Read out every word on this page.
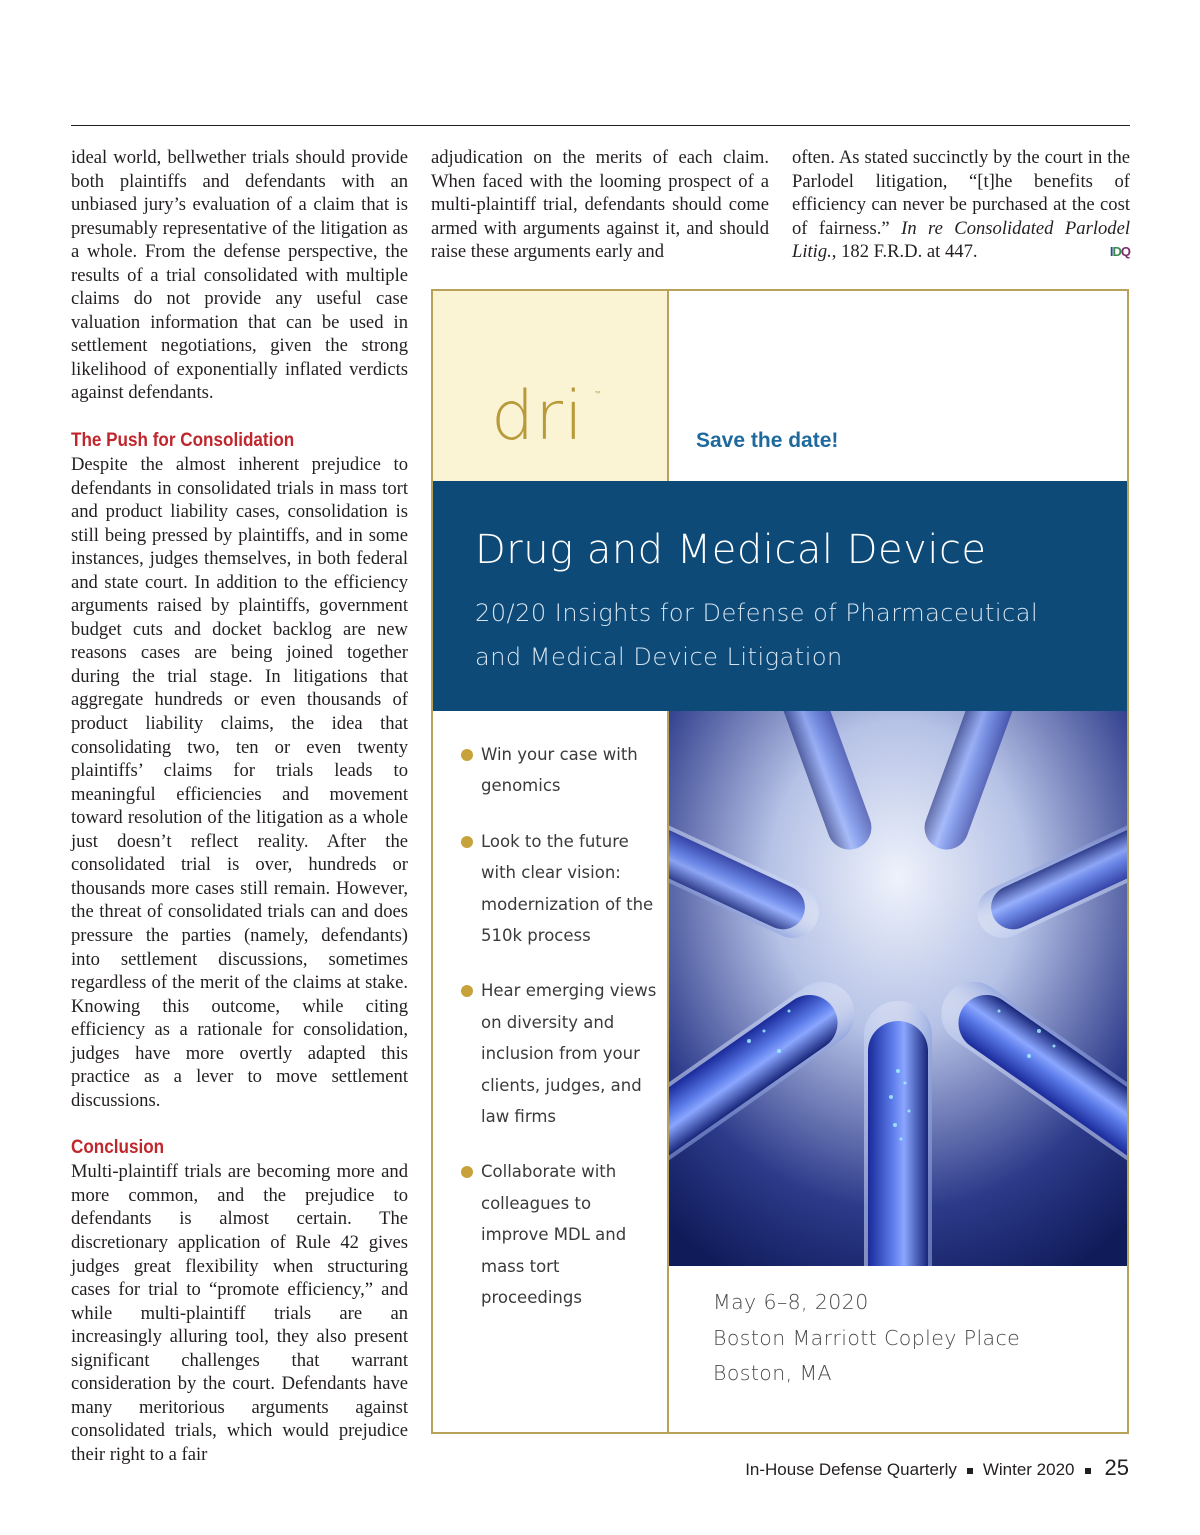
ideal world, bellwether trials should provide both plaintiffs and defendants with an unbiased jury’s evaluation of a claim that is presumably representative of the litigation as a whole. From the defense perspective, the results of a trial consolidated with multiple claims do not provide any useful case valuation information that can be used in settlement negotiations, given the strong likelihood of exponentially inflated verdicts against defendants.

The Push for Consolidation

Despite the almost inherent prejudice to defendants in consolidated trials in mass tort and product liability cases, consolidation is still being pressed by plaintiffs, and in some instances, judges themselves, in both federal and state court. In addition to the efficiency arguments raised by plaintiffs, government budget cuts and docket backlog are new reasons cases are being joined together during the trial stage. In litigations that aggregate hundreds or even thousands of product liability claims, the idea that consolidating two, ten or even twenty plaintiffs’ claims for trials leads to meaningful efficiencies and movement toward resolution of the litigation as a whole just doesn’t reflect reality. After the consolidated trial is over, hundreds or thousands more cases still remain. However, the threat of consolidated trials can and does pressure the parties (namely, defendants) into settlement discussions, sometimes regardless of the merit of the claims at stake. Knowing this outcome, while citing efficiency as a rationale for consolidation, judges have more overtly adapted this practice as a lever to move settlement discussions.

Conclusion

Multi-plaintiff trials are becoming more and more common, and the prejudice to defendants is almost certain. The discretionary application of Rule 42 gives judges great flexibility when structuring cases for trial to “promote efficiency,” and while multi-plaintiff trials are an increasingly alluring tool, they also present significant challenges that warrant consideration by the court. Defendants have many meritorious arguments against consolidated trials, which would prejudice their right to a fair

adjudication on the merits of each claim. When faced with the looming prospect of a multi-plaintiff trial, defendants should come armed with arguments against it, and should raise these arguments early and

often. As stated succinctly by the court in the Parlodel litigation, “[t]he benefits of efficiency can never be purchased at the cost of fairness.” In re Consolidated Parlodel Litig., 182 F.R.D. at 447.	IDQ

dri ™
Save the date!
Drug and Medical Device
20/20 Insights for Defense of Pharmaceutical
and Medical Device Litigation
Win your case with genomics
Look to the future with clear vision: modernization of the 510k process
Hear emerging views on diversity and inclusion from your clients, judges, and law firms
Collaborate with colleagues to improve MDL and mass tort proceedings	May 6–8, 2020
Boston Marriott Copley Place
Boston, MA
In-House Defense Quarterly Winter 2020 25
